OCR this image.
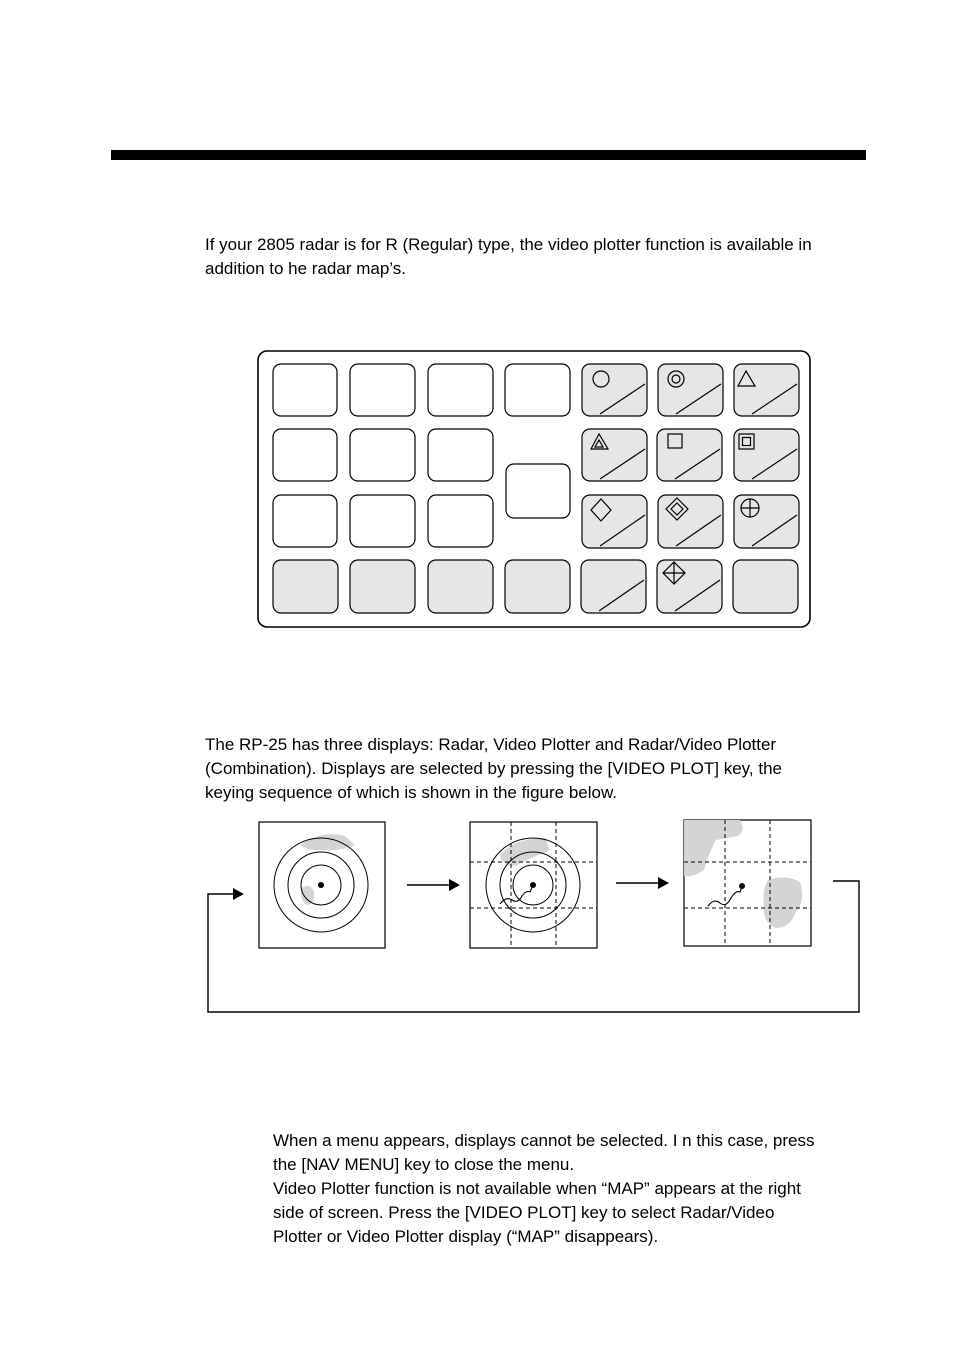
If your 2805 radar is for R (Regular) type, the video plotter function is available in
addition to he radar map’s.

The RP-25 has three displays: Radar, Video Plotter and Radar/Video Plotter
(Combination). Displays are selected by pressing the [VIDEO PLOT] key, the
keying sequence of which is shown in the figure below.

When a menu appears, displays cannot be selected. I n this case, press
the [NAV MENU] key to close the menu.

Video Plotter function is not available when “MAP” appears at the right
side of screen. Press the [VIDEO PLOT] key to select Radar/Video
Plotter or Video Plotter display (“MAP” disappears).
